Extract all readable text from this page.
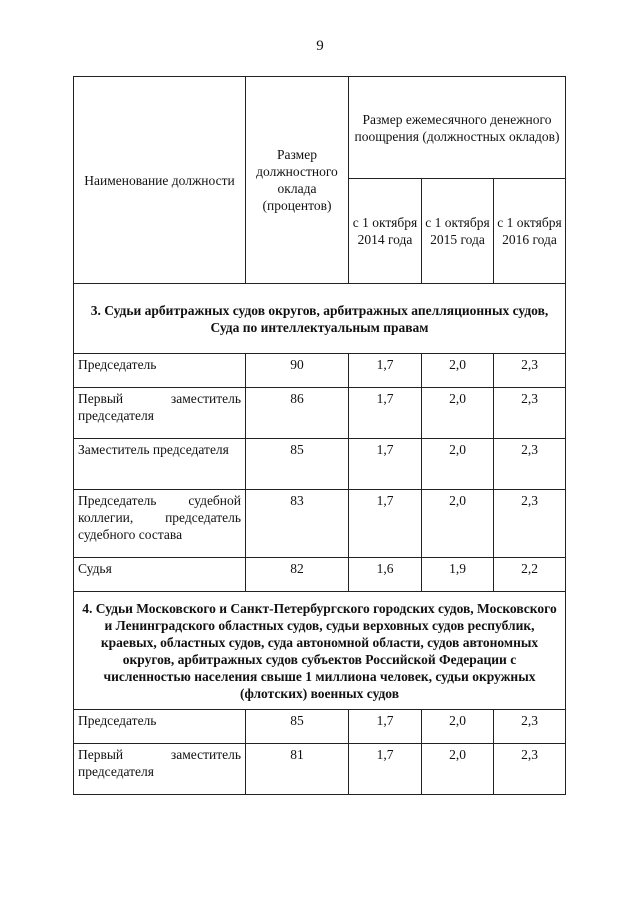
9
Наименование должности	Размер должностного оклада (процентов)	Размер ежемесячного денежного поощрения (должностных окладов)		

		с 1 октября 2014 года	с 1 октября 2015 года	с 1 октября 2016 года

3. Судьи арбитражных судов округов, арбитражных апелляционных судов, Суда по интеллектуальным правам				
Председатель	90	1,7	2,0	2,3
Первый заместитель председателя	86	1,7	2,0	2,3
Заместитель председателя	85	1,7	2,0	2,3
Председатель судебной коллегии, председатель судебного состава	83	1,7	2,0	2,3
Судья	82	1,6	1,9	2,2
4. Судьи Московского и Санкт-Петербургского городских судов, Московского и Ленинградского областных судов, судьи верховных судов республик, краевых, областных судов, суда автономной области, судов автономных округов, арбитражных судов субъектов Российской Федерации с численностью населения свыше 1 миллиона человек, судьи окружных (флотских) военных судов				
Председатель	85	1,7	2,0	2,3
Первый заместитель председателя	81	1,7	2,0	2,3
